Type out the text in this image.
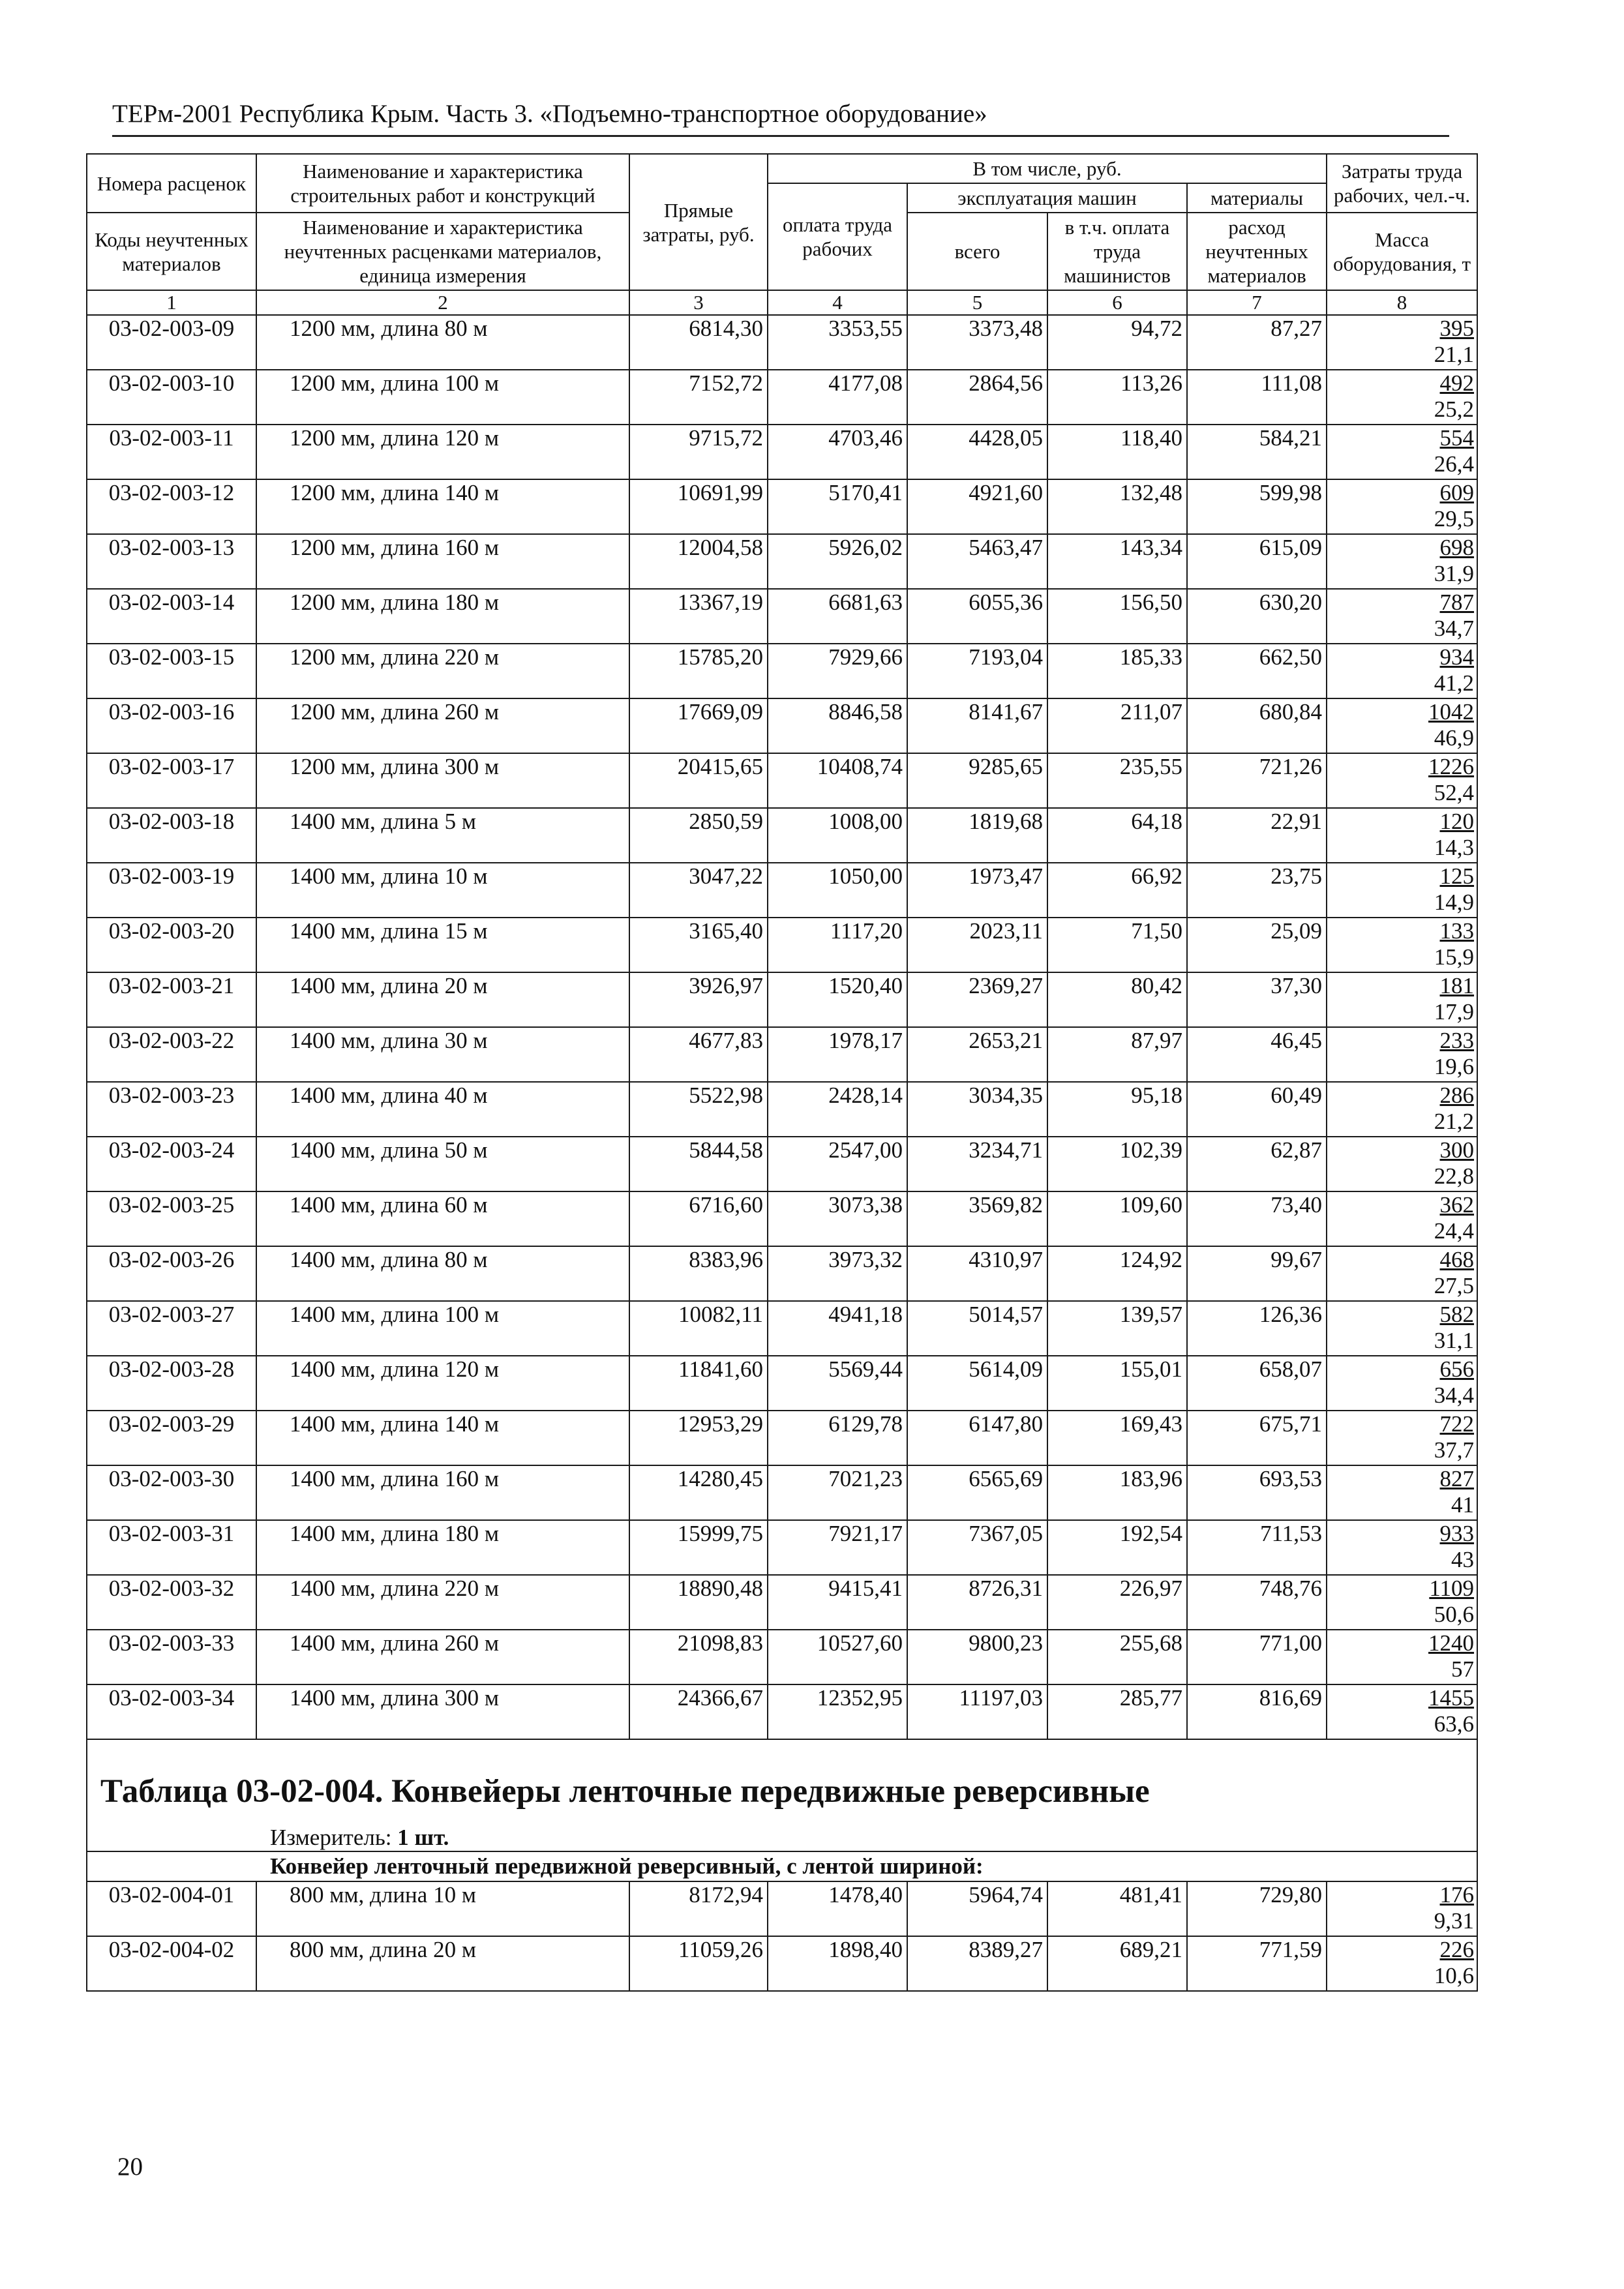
ТЕРм-2001 Республика Крым. Часть 3. «Подъемно-транспортное оборудование»
Номера расценок	Наименование и характеристика строительных работ и конструкций	Прямые затраты, руб.	В том числе, руб.				Затраты труда рабочих, чел.-ч.
			оплата труда рабочих	эксплуатация машин		материалы	
Коды неучтенных материалов	Наименование и характеристика неучтенных расценками материалов, единица измерения			всего	в т.ч. оплата труда машинистов	расход неучтенных материалов	
							Масса оборудования, т
1	2	3	4	5	6	7	8
03-02-003-09	1200 мм, длина 80 м	6814,30	3353,55	3373,48	94,72	87,27	395
21,1

03-02-003-10	1200 мм, длина 100 м	7152,72	4177,08	2864,56	113,26	111,08	492
25,2

03-02-003-11	1200 мм, длина 120 м	9715,72	4703,46	4428,05	118,40	584,21	554
26,4

03-02-003-12	1200 мм, длина 140 м	10691,99	5170,41	4921,60	132,48	599,98	609
29,5

03-02-003-13	1200 мм, длина 160 м	12004,58	5926,02	5463,47	143,34	615,09	698
31,9

03-02-003-14	1200 мм, длина 180 м	13367,19	6681,63	6055,36	156,50	630,20	787
34,7

03-02-003-15	1200 мм, длина 220 м	15785,20	7929,66	7193,04	185,33	662,50	934
41,2

03-02-003-16	1200 мм, длина 260 м	17669,09	8846,58	8141,67	211,07	680,84	1042
46,9

03-02-003-17	1200 мм, длина 300 м	20415,65	10408,74	9285,65	235,55	721,26	1226
52,4

03-02-003-18	1400 мм, длина 5 м	2850,59	1008,00	1819,68	64,18	22,91	120
14,3

03-02-003-19	1400 мм, длина 10 м	3047,22	1050,00	1973,47	66,92	23,75	125
14,9

03-02-003-20	1400 мм, длина 15 м	3165,40	1117,20	2023,11	71,50	25,09	133
15,9

03-02-003-21	1400 мм, длина 20 м	3926,97	1520,40	2369,27	80,42	37,30	181
17,9

03-02-003-22	1400 мм, длина 30 м	4677,83	1978,17	2653,21	87,97	46,45	233
19,6

03-02-003-23	1400 мм, длина 40 м	5522,98	2428,14	3034,35	95,18	60,49	286
21,2

03-02-003-24	1400 мм, длина 50 м	5844,58	2547,00	3234,71	102,39	62,87	300
22,8

03-02-003-25	1400 мм, длина 60 м	6716,60	3073,38	3569,82	109,60	73,40	362
24,4

03-02-003-26	1400 мм, длина 80 м	8383,96	3973,32	4310,97	124,92	99,67	468
27,5

03-02-003-27	1400 мм, длина 100 м	10082,11	4941,18	5014,57	139,57	126,36	582
31,1

03-02-003-28	1400 мм, длина 120 м	11841,60	5569,44	5614,09	155,01	658,07	656
34,4

03-02-003-29	1400 мм, длина 140 м	12953,29	6129,78	6147,80	169,43	675,71	722
37,7

03-02-003-30	1400 мм, длина 160 м	14280,45	7021,23	6565,69	183,96	693,53	827
41

03-02-003-31	1400 мм, длина 180 м	15999,75	7921,17	7367,05	192,54	711,53	933
43

03-02-003-32	1400 мм, длина 220 м	18890,48	9415,41	8726,31	226,97	748,76	1109
50,6

03-02-003-33	1400 мм, длина 260 м	21098,83	10527,60	9800,23	255,68	771,00	1240
57

03-02-003-34	1400 мм, длина 300 м	24366,67	12352,95	11197,03	285,77	816,69	1455
63,6

Таблица 03-02-004. Конвейеры ленточные передвижные реверсивные
Измеритель: 1 шт.							

Конвейер ленточный передвижной реверсивный, с лентой шириной:							
03-02-004-01	800 мм, длина 10 м	8172,94	1478,40	5964,74	481,41	729,80	176
9,31

03-02-004-02	800 мм, длина 20 м	11059,26	1898,40	8389,27	689,21	771,59	226
10,6
20
